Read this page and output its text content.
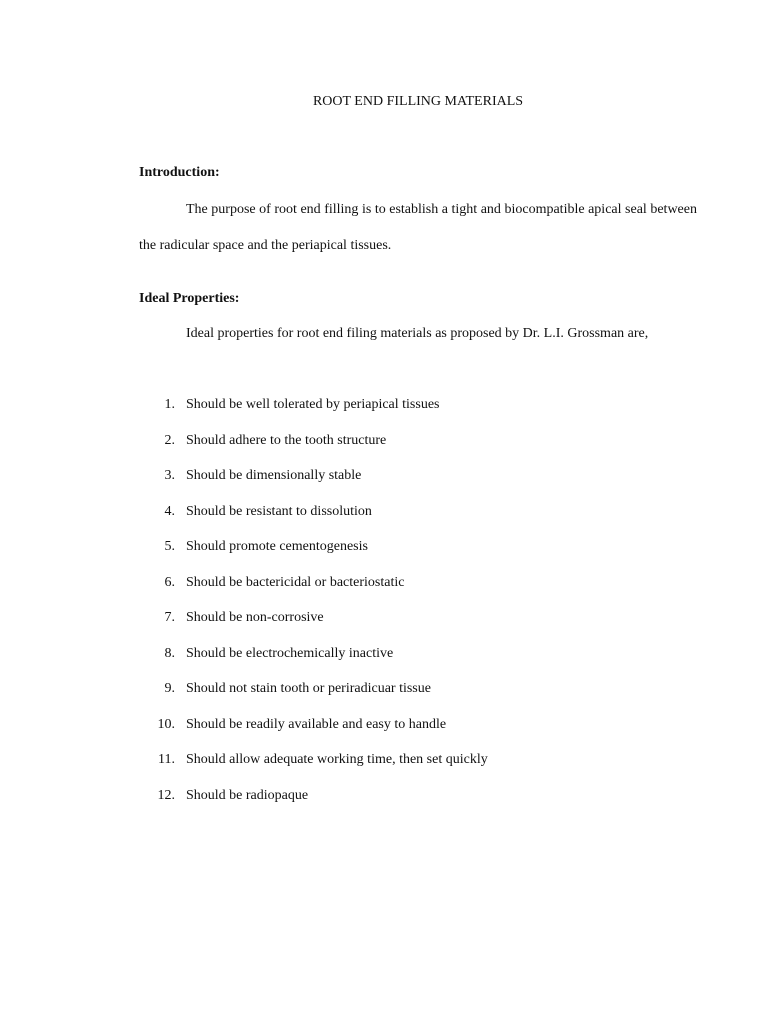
ROOT END FILLING MATERIALS
Introduction:
The purpose of root end filling is to establish a tight and biocompatible apical seal between the radicular space and the periapical tissues.
Ideal Properties:
Ideal properties for root end filing materials as proposed by Dr. L.I. Grossman are,
1. Should be well tolerated by periapical tissues
2. Should adhere to the tooth structure
3. Should be dimensionally stable
4. Should be resistant to dissolution
5. Should promote cementogenesis
6. Should be bactericidal or bacteriostatic
7. Should be non-corrosive
8. Should be electrochemically inactive
9. Should not stain tooth or periradicuar tissue
10. Should be readily available and easy to handle
11. Should allow adequate working time, then set quickly
12. Should be radiopaque
